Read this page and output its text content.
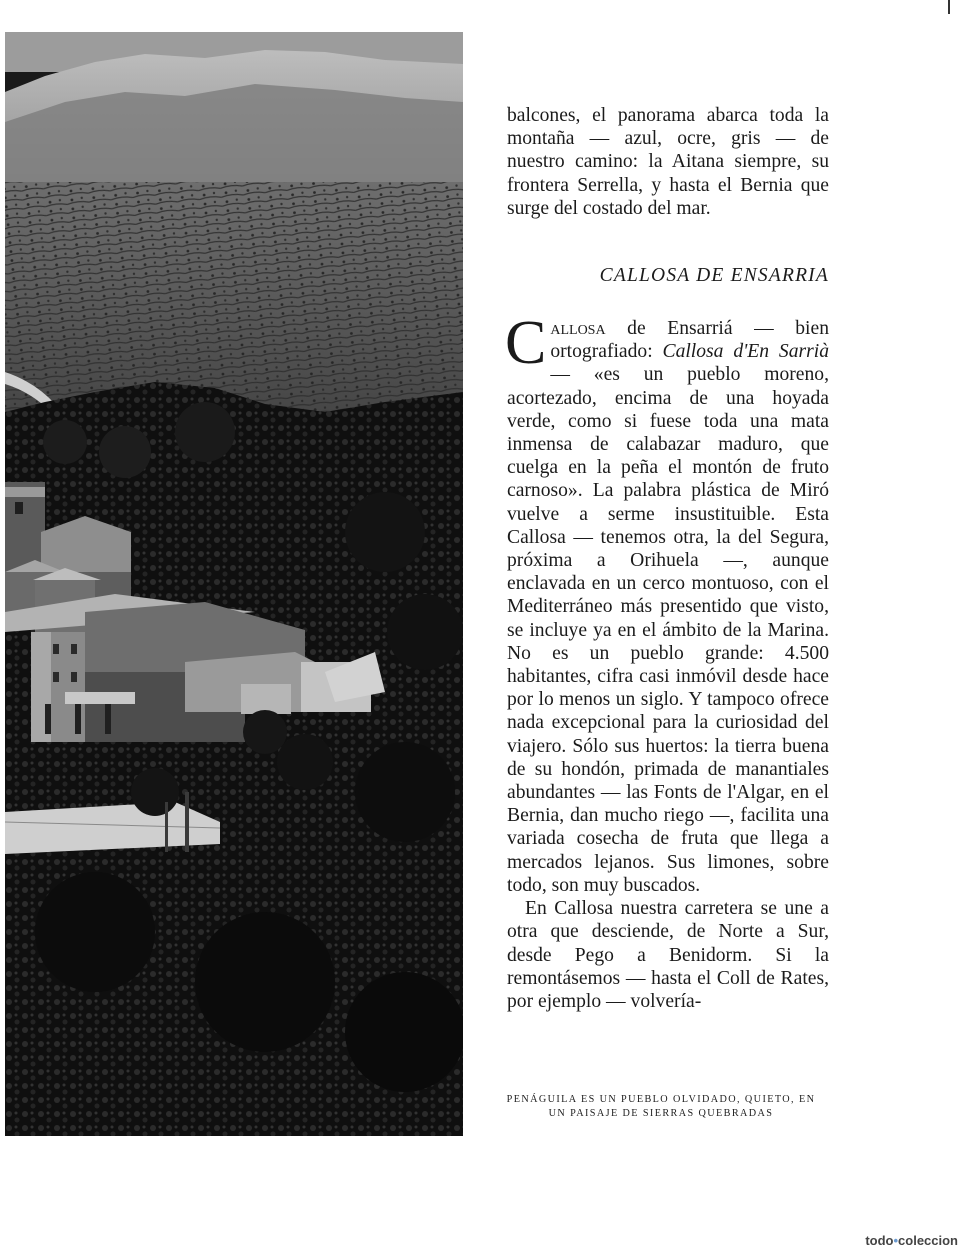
balcones, el panorama abarca toda la montaña — azul, ocre, gris — de nuestro camino: la Aitana siempre, su frontera Serrella, y hasta el Bernia que surge del costado del mar.

CALLOSA DE ENSARRIA

Callosa de Ensarriá — bien ortografiado: Callosa d'En Sarrià — «es un pueblo moreno, acortezado, encima de una hoyada verde, como si fuese toda una mata inmensa de calabazar maduro, que cuelga en la peña el montón de fruto carnoso». La palabra plástica de Miró vuelve a serme insustituible. Esta Callosa — tenemos otra, la del Segura, próxima a Orihuela —, aunque enclavada en un cerco montuoso, con el Mediterráneo más presentido que visto, se incluye ya en el ámbito de la Marina. No es un pueblo grande: 4.500 habitantes, cifra casi inmóvil desde hace por lo menos un siglo. Y tampoco ofrece nada excepcional para la curiosidad del viajero. Sólo sus huertos: la tierra buena de su hondón, primada de manantiales abundantes — las Fonts de l'Algar, en el Bernia, dan mucho riego —, facilita una variada cosecha de fruta que llega a mercados lejanos. Sus limones, sobre todo, son muy buscados.

En Callosa nuestra carretera se une a otra que desciende, de Norte a Sur, desde Pego a Benidorm. Si la remontásemos — hasta el Coll de Rates, por ejemplo — volvería-

PENÁGUILA ES UN PUEBLO OLVIDADO, QUIETO, EN UN PAISAJE DE SIERRAS QUEBRADAS
todo•coleccion
